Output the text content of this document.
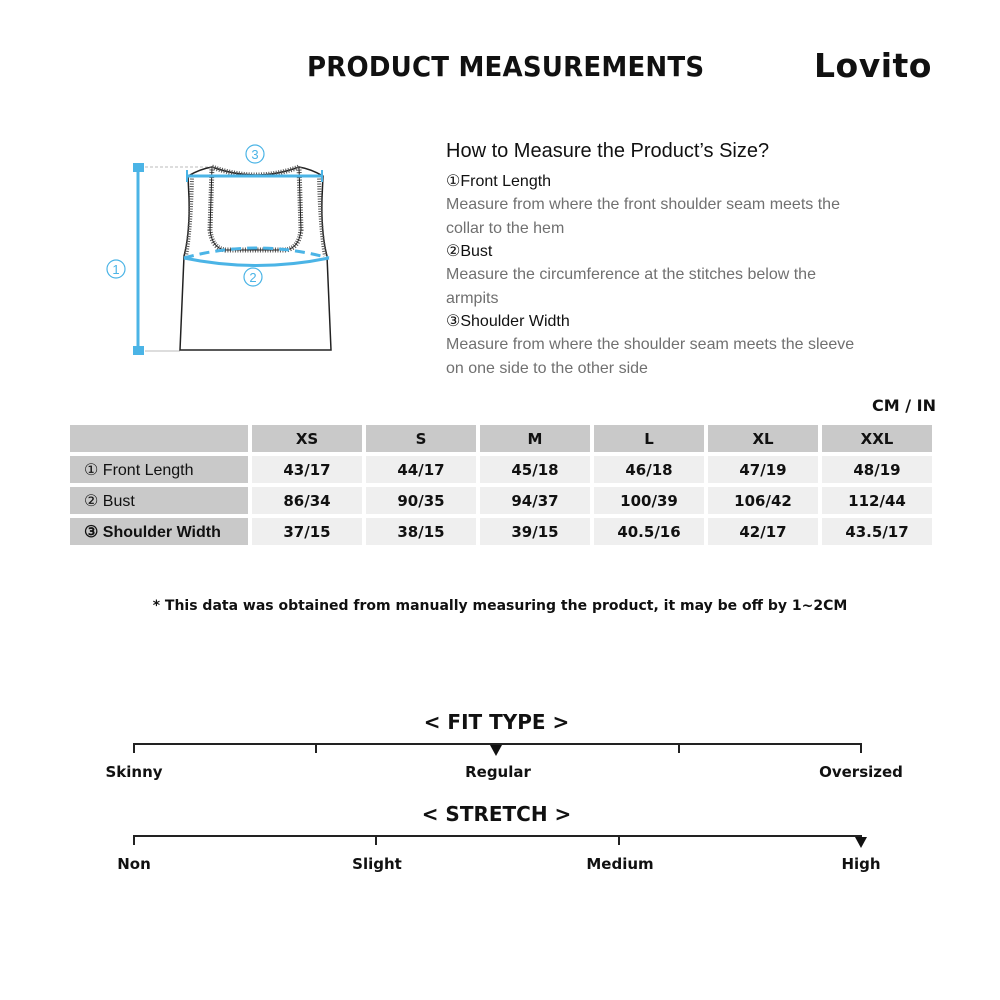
PRODUCT MEASUREMENTS	Lovito
1
2
3	How to Measure the Product’s Size?
①Front Length
Measure from where the front shoulder seam meets the
collar to the hem
②Bust
Measure the circumference at the stitches below the
armpits
③Shoulder Width
Measure from where the shoulder seam meets the sleeve
on one side to the other side
CM / IN
	XS	S	M	L	XL	XXL
① Front Length	43/17	44/17	45/18	46/18	47/19	48/19
② Bust	86/34	90/35	94/37	100/39	106/42	112/44
③ Shoulder Width	37/15	38/15	39/15	40.5/16	42/17	43.5/17
* This data was obtained from manually measuring the product, it may be off by 1~2CM
< FIT TYPE >
Skinny	Regular	Oversized
< STRETCH >
Non	Slight	Medium	High
